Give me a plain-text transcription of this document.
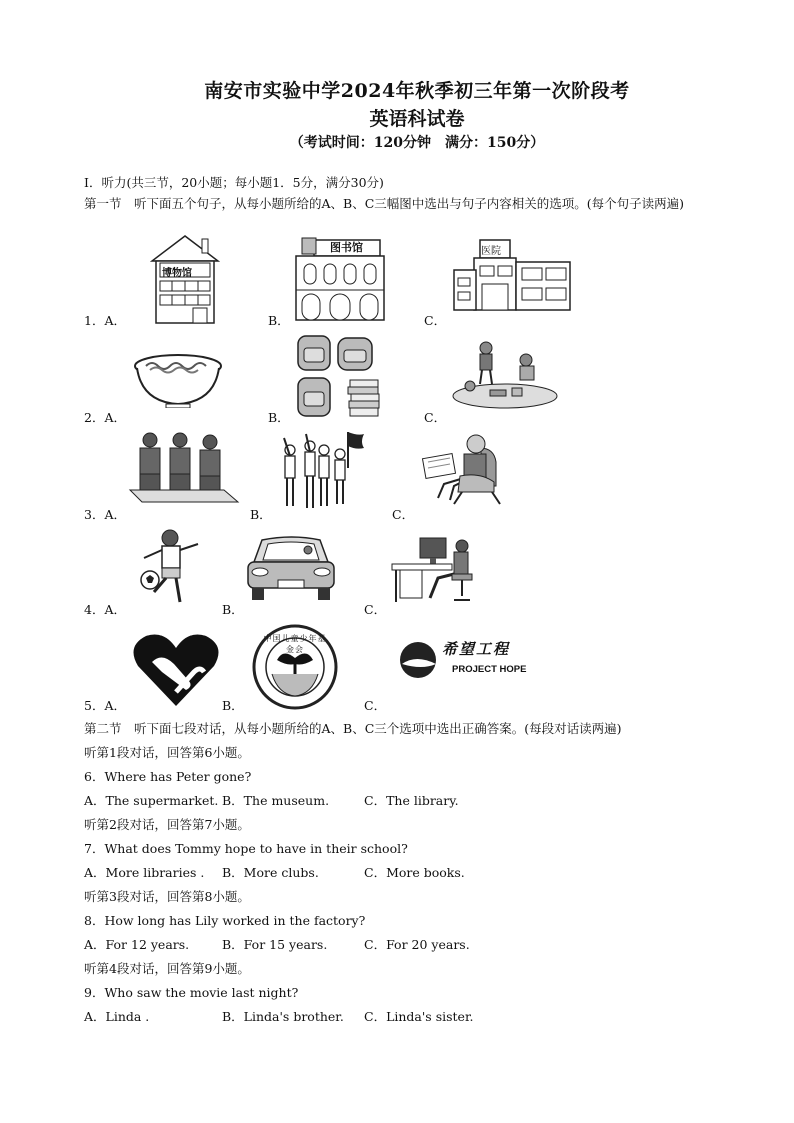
南安市实验中学2024年秋季初三年第一次阶段考
英语科试卷
（考试时间：120分钟　满分：150分）
Ⅰ．听力(共三节，20小题；每小题1．5分，满分30分)
第一节　听下面五个句子，从每小题所给的A、B、C三幅图中选出与句子内容相关的选项。(每个句子读两遍)
1．A．	B．	C．
博物馆
图书馆	医院
2．A．	B．	C．
3．A．	B．	C．
4．A．	B．	C．
5．A．	B．	C．
中国儿童少年基金会	希望工程
PROJECT HOPE
第二节　听下面七段对话，从每小题所给的A、B、C三个选项中选出正确答案。(每段对话读两遍)
听第1段对话，回答第6小题。
6．Where has Peter gone?
A．The supermarket. B．The museum.	C．The library.
听第2段对话，回答第7小题。
7．What does Tommy hope to have in their school?
A．More libraries . B．More clubs.	C．More books.
听第3段对话，回答第8小题。
8．How long has Lily worked in the factory?
A．For 12 years.	B．For 15 years.	C．For 20 years.
听第4段对话，回答第9小题。
9．Who saw the movie last night?
A．Linda .	B．Linda's brother. C．Linda's sister.
